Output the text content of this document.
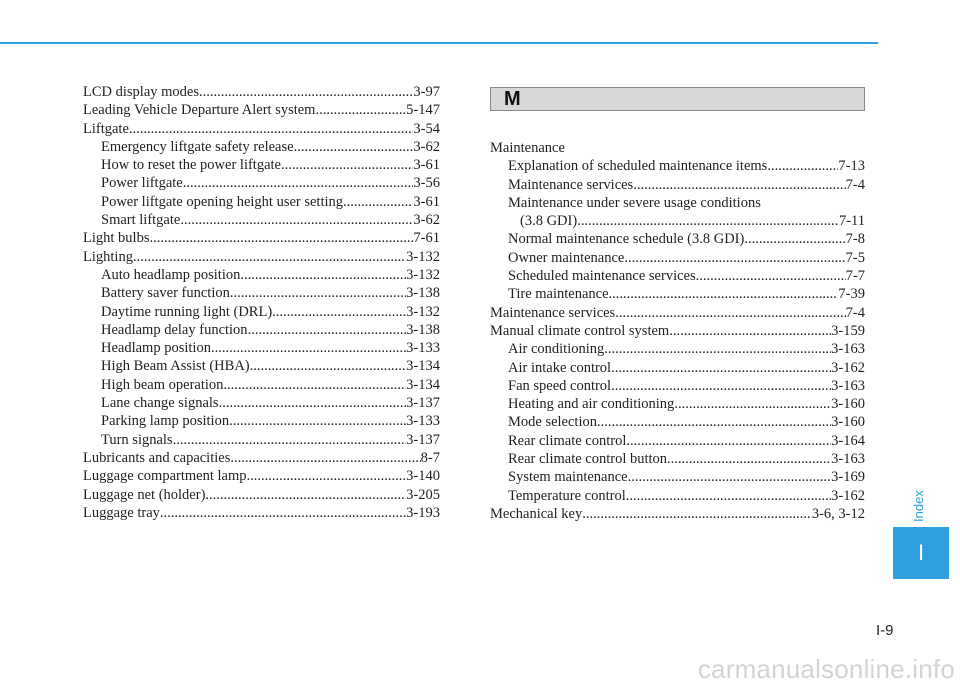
LCD display modes .....	3-97
Leading Vehicle Departure Alert system .....	5-147
Liftgate .....	3-54
Emergency liftgate safety release .....	3-62
How to reset the power liftgate .....	3-61
Power liftgate .....	3-56
Power liftgate opening height user setting .....	3-61
Smart liftgate .....	3-62
Light bulbs .....	7-61
Lighting .....	3-132
Auto headlamp position .....	3-132
Battery saver function .....	3-138
Daytime running light (DRL) .....	3-132
Headlamp delay function .....	3-138
Headlamp position .....	3-133
High Beam Assist (HBA) .....	3-134
High beam operation .....	3-134
Lane change signals .....	3-137
Parking lamp position .....	3-133
Turn signals .....	3-137
Lubricants and capacities .....	8-7
Luggage compartment lamp .....	3-140
Luggage net (holder) .....	3-205
Luggage tray .....	3-193
M
Maintenance
Explanation of scheduled maintenance items .....	7-13
Maintenance services .....	7-4
Maintenance under severe usage conditions
(3.8 GDI) .....	7-11
Normal maintenance schedule (3.8 GDI) .....	7-8
Owner maintenance .....	7-5
Scheduled maintenance services .....	7-7
Tire maintenance .....	7-39
Maintenance services .....	7-4
Manual climate control system .....	3-159
Air conditioning .....	3-163
Air intake control .....	3-162
Fan speed control .....	3-163
Heating and air conditioning .....	3-160
Mode selection .....	3-160
Rear climate control .....	3-164
Rear climate control button .....	3-163
System maintenance .....	3-169
Temperature control .....	3-162
Mechanical key .....	3-6, 3-12	Index
I
I-9
carmanualsonline.info
